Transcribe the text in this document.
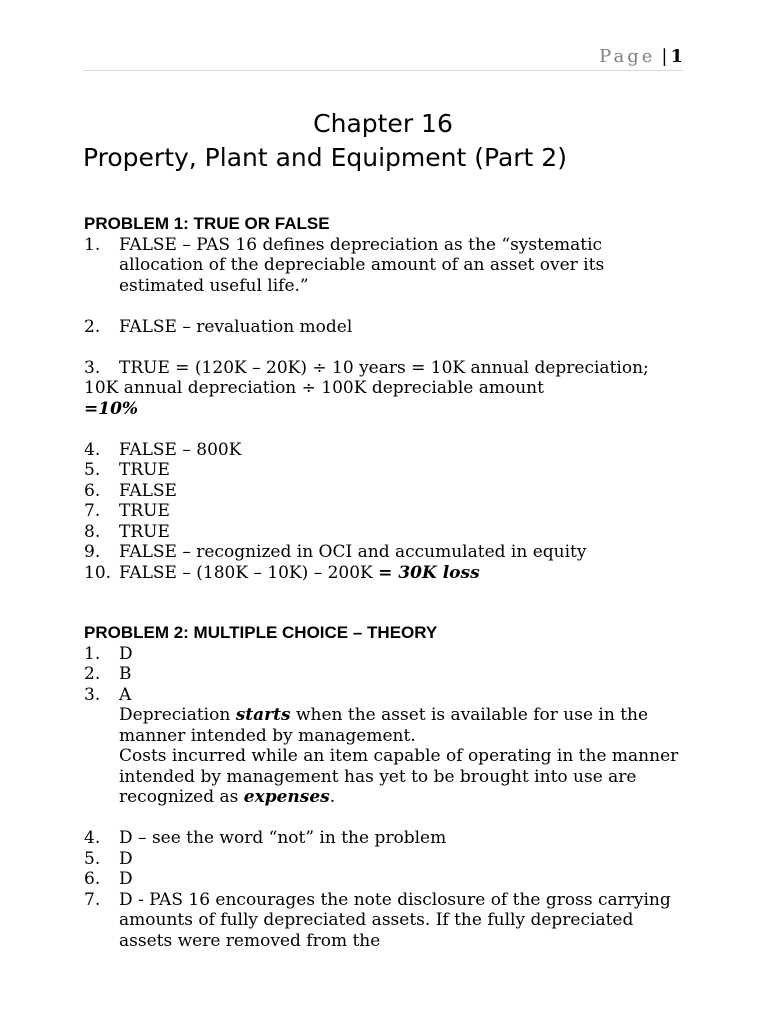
Page | 1
Chapter 16
Property, Plant and Equipment (Part 2)
PROBLEM 1: TRUE OR FALSE
1.	FALSE – PAS 16 defines depreciation as the “systematic allocation of the depreciable amount of an asset over its estimated useful life.”
2.	FALSE – revaluation model
3.	TRUE = (120K – 20K) ÷ 10 years = 10K annual depreciation;
10K annual depreciation ÷ 100K depreciable amount
=10%
4.	FALSE – 800K
5.	TRUE
6.	FALSE
7.	TRUE
8.	TRUE
9.	FALSE – recognized in OCI and accumulated in equity
10. FALSE – (180K – 10K) – 200K = 30K loss
PROBLEM 2: MULTIPLE CHOICE – THEORY
1.	D
2.	B
3.	A
Depreciation starts when the asset is available for use in the manner intended by management.
Costs incurred while an item capable of operating in the manner intended by management has yet to be brought into use are recognized as expenses.
4.	D – see the word “not” in the problem
5.	D
6.	D
7.	D - PAS 16 encourages the note disclosure of the gross carrying amounts of fully depreciated assets. If the fully depreciated assets were removed from the
